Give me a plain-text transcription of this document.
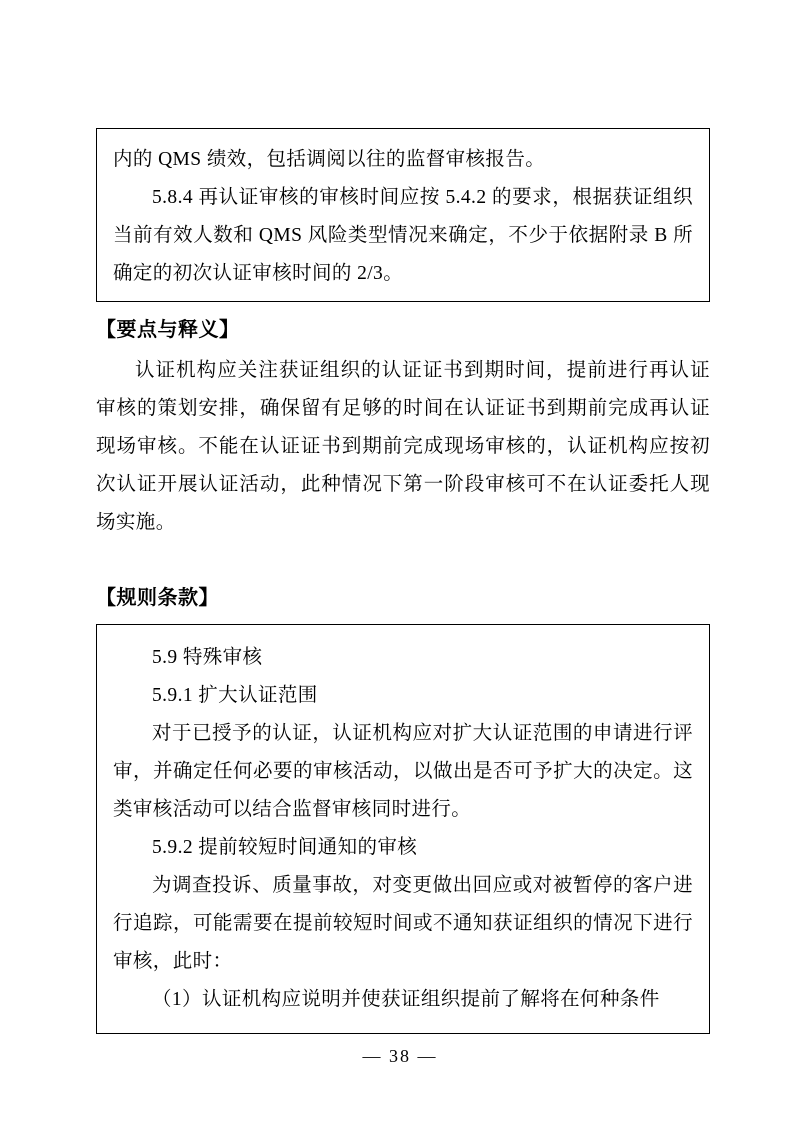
内的 QMS 绩效，包括调阅以往的监督审核报告。

5.8.4 再认证审核的审核时间应按 5.4.2 的要求，根据获证组织当前有效人数和 QMS 风险类型情况来确定，不少于依据附录 B 所确定的初次认证审核时间的 2/3。

【要点与释义】

认证机构应关注获证组织的认证证书到期时间，提前进行再认证审核的策划安排，确保留有足够的时间在认证证书到期前完成再认证现场审核。不能在认证证书到期前完成现场审核的，认证机构应按初次认证开展认证活动，此种情况下第一阶段审核可不在认证委托人现场实施。

【规则条款】

5.9 特殊审核

5.9.1 扩大认证范围

对于已授予的认证，认证机构应对扩大认证范围的申请进行评审，并确定任何必要的审核活动，以做出是否可予扩大的决定。这类审核活动可以结合监督审核同时进行。

5.9.2 提前较短时间通知的审核

为调查投诉、质量事故，对变更做出回应或对被暂停的客户进行追踪，可能需要在提前较短时间或不通知获证组织的情况下进行审核，此时：

（1）认证机构应说明并使获证组织提前了解将在何种条件

— 38 —
